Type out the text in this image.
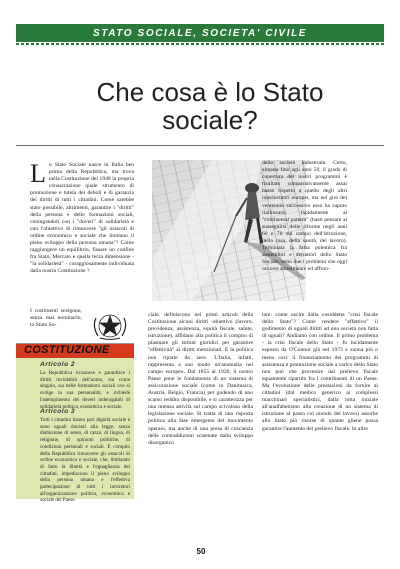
STATO SOCIALE, SOCIETA' CIVILE
Che cosa è lo Stato sociale?

Lo Stato Sociale nasce in Italia ben prima della Repubblica, ma trova nella Costituzione del 1948 la propria consacrazione quale strumento di promozione e tutela dei deboli e di garanzia dei diritti di tutti i cittadini. Come sarebbe stato possibile, altrimenti, garantire i "diritti" della persona e delle formazioni sociali, coniugandoli con i "doveri" di solidarietà e con l'obiettivo di rimuovere "gli ostacoli di ordine economico e sociale che limitano il pieno sviluppo della persona umana"? Come raggiungere un equilibrio, fissare un confine fra Stato, Mercato e quella terza dimensione - "la solidarietà" - coraggiosamente individuata dalla nostra Costituzione ?

I costituenti scelgono, senza mai nominarlo, lo Stato So-

COSTITUZIONE
Articolo 2
La Repubblica riconosce e garantisce i diritti inviolabili dell'uomo, sia come singolo, sia nelle formazioni sociali ove si svolge la sua personalità, e richiede l'adempimento dei doveri inderogabili di solidarietà politica, economica e sociale.
Articolo 3
Tutti i cittadini hanno pari dignità sociale e sono uguali davanti alla legge, senza distinzione di sesso, di razza, di lingua, di religione, di opinioni politiche, di condizioni personali e sociali. È compito della Repubblica rimuovere gli ostacoli di ordine economico e sociale, che, limitando di fatto la libertà e l'eguaglianza dei cittadini, impediscono il pieno sviluppo della persona umana e l'effettiva partecipazione di tutti i lavoratori all'organizzazione politica, economica e sociale del Paese.

ciale, definiscono nei primi articoli della Costituzione alcuni diritti -obiettivo (lavoro, previdenza, assistenza, equità fiscale, salute, istruzione), affidano alla politica il compito di plasmare gli istituti giuridici per garantire "effettività" ai diritti menzionati. E la politica non riparte da zero. L'Italia, infatti, rappresenta a suo modo un'anomalia nel campo europeo. Dal 1855 al 1920, il nostro Paese pone le fondamenta di un sistema di assicurazione sociale (come in Danimarca, Austria, Belgio, Francia) per godendo di uno scarso reddito disponibile, e si caratterizza per una intensa attività sul campo scivoloso della legislazione sociale. Si tratta di una risposta politica alla fase emergente del movimento operaio, ma anche di una presa di coscienza delle contraddizioni scatenate dallo sviluppo disorganico

della società industriale. Certo, almeno fino agli anni 50, il grado di copertura dei nostri programmi è risultato comparativamente assai basso rispetto a quello degli altri interlocutori europei, ma nel giro del ventennio successivo esso ha saputo riallinearsi rapidamente al "continental pattern" (basti pensare al susseguirsi delle riforme negli anni 60 e 70 sul campo dell'istruzione, della casa, della sanità, del lavoro). Terminata la falsa polemica fra sostenitori e detrattori dello Stato Sociale, sono due i problemi che oggi occorre sottolineare ed affron-

tare: come uscire dalla cosiddetta "crisi fiscale dello Stato"? Come rendere "effettivo" il godimento di uguali diritti ad una società non fatta di uguali? Andiamo con ordine. Il primo problema - la crisi fiscale dello Stato - fu lucidamente esposto da O'Connor già nel 1973 e suona più o meno così: il finanziamento dei programmi di assistenza e promozione sociale a carico dello Stato non può che provenire dal prelievo fiscale equamente ripartito fra i contribuenti di un Paese. Ma l'evoluzione delle prestazioni da fornire ai cittadini (dal medico generico ai complessi macchinari specialistici, dalla lotta iniziale all'analfabetismo alla creazione di un sistema di istruzione al passo col mondo del lavoro) assorbe allo Stato più risorse di quante gliene possa garantire l'aumento del prelievo fiscale. In altre

50
